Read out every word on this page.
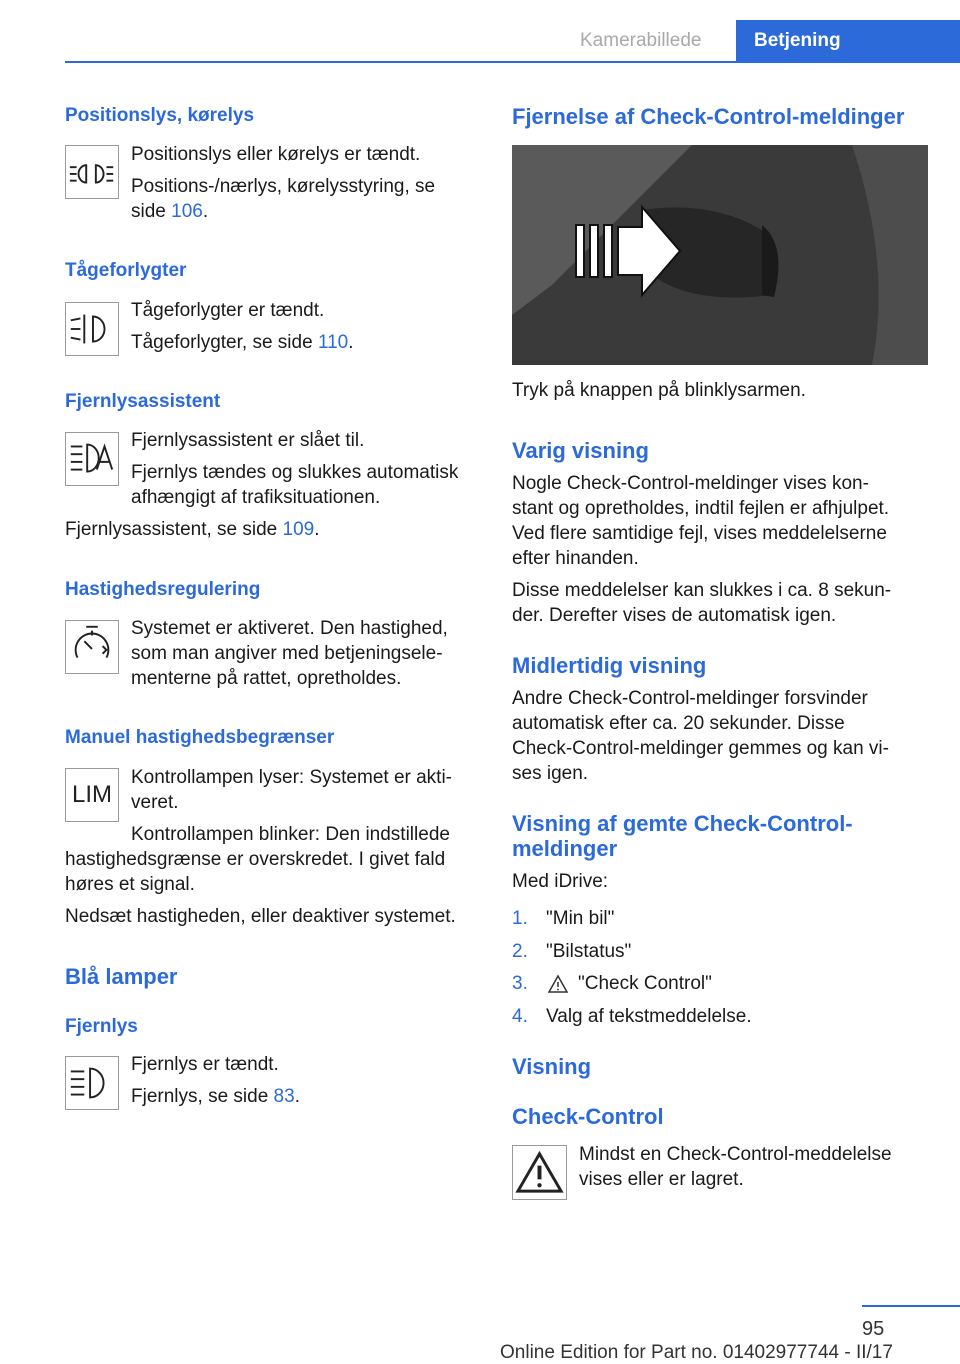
Kamerabillede	Betjening
Positionslys, kørelys
Positionslys eller kørelys er tændt.
Positions-/nærlys, kørelysstyring, se
side 106.
Tågeforlygter
Tågeforlygter er tændt.
Tågeforlygter, se side 110.
Fjernlysassistent
Fjernlysassistent er slået til.
Fjernlys tændes og slukkes automatisk
afhængigt af trafiksituationen.
Fjernlysassistent, se side 109.
Hastighedsregulering
Systemet er aktiveret. Den hastighed,
som man angiver med betjeningsele-
menterne på rattet, opretholdes.
Manuel hastighedsbegrænser
LIM
Kontrollampen lyser: Systemet er akti-
veret.
Kontrollampen blinker: Den indstillede
hastighedsgrænse er overskredet. I givet fald
høres et signal.
Nedsæt hastigheden, eller deaktiver systemet.
Blå lamper
Fjernlys
Fjernlys er tændt.
Fjernlys, se side 83.
Fjernelse af Check-Control-meldinger
Tryk på knappen på blinklysarmen.
Varig visning
Nogle Check-Control-meldinger vises kon-
stant og opretholdes, indtil fejlen er afhjulpet.
Ved flere samtidige fejl, vises meddelelserne
efter hinanden.
Disse meddelelser kan slukkes i ca. 8 sekun-
der. Derefter vises de automatisk igen.
Midlertidig visning
Andre Check-Control-meldinger forsvinder
automatisk efter ca. 20 sekunder. Disse
Check-Control-meldinger gemmes og kan vi-
ses igen.
Visning af gemte Check-Control-
meldinger
Med iDrive:
1. "Min bil"
2. "Bilstatus"
3.	"Check Control"
4. Valg af tekstmeddelelse.
Visning
Check-Control
Mindst en Check-Control-meddelelse
vises eller er lagret.
95
Online Edition for Part no. 01402977744 - II/17
